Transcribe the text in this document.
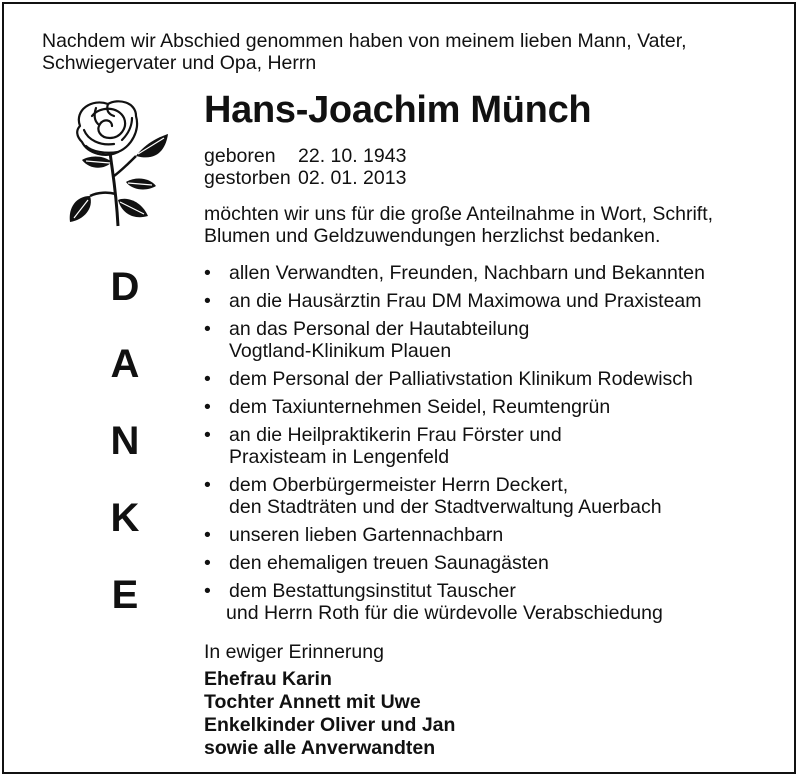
Nachdem wir Abschied genommen haben von meinem lieben Mann, Vater,
Schwiegervater und Opa, Herrn
Hans-Joachim Münch
geboren	22. 10. 1943
gestorben 02. 01. 2013
möchten wir uns für die große Anteilnahme in Wort, Schrift,
Blumen und Geldzuwendungen herzlichst bedanken.
D
A
N
K
E
• allen Verwandten, Freunden, Nachbarn und Bekannten
• an die Hausärztin Frau DM Maximowa und Praxisteam
• an das Personal der Hautabteilung
Vogtland-Klinikum Plauen
• dem Personal der Palliativstation Klinikum Rodewisch
• dem Taxiunternehmen Seidel, Reumtengrün
• an die Heilpraktikerin Frau Förster und
Praxisteam in Lengenfeld
• dem Oberbürgermeister Herrn Deckert,
den Stadträten und der Stadtverwaltung Auerbach
• unseren lieben Gartennachbarn
• den ehemaligen treuen Saunagästen
• dem Bestattungsinstitut Tauscher
und Herrn Roth für die würdevolle Verabschiedung
In ewiger Erinnerung
Ehefrau Karin
Tochter Annett mit Uwe
Enkelkinder Oliver und Jan
sowie alle Anverwandten
